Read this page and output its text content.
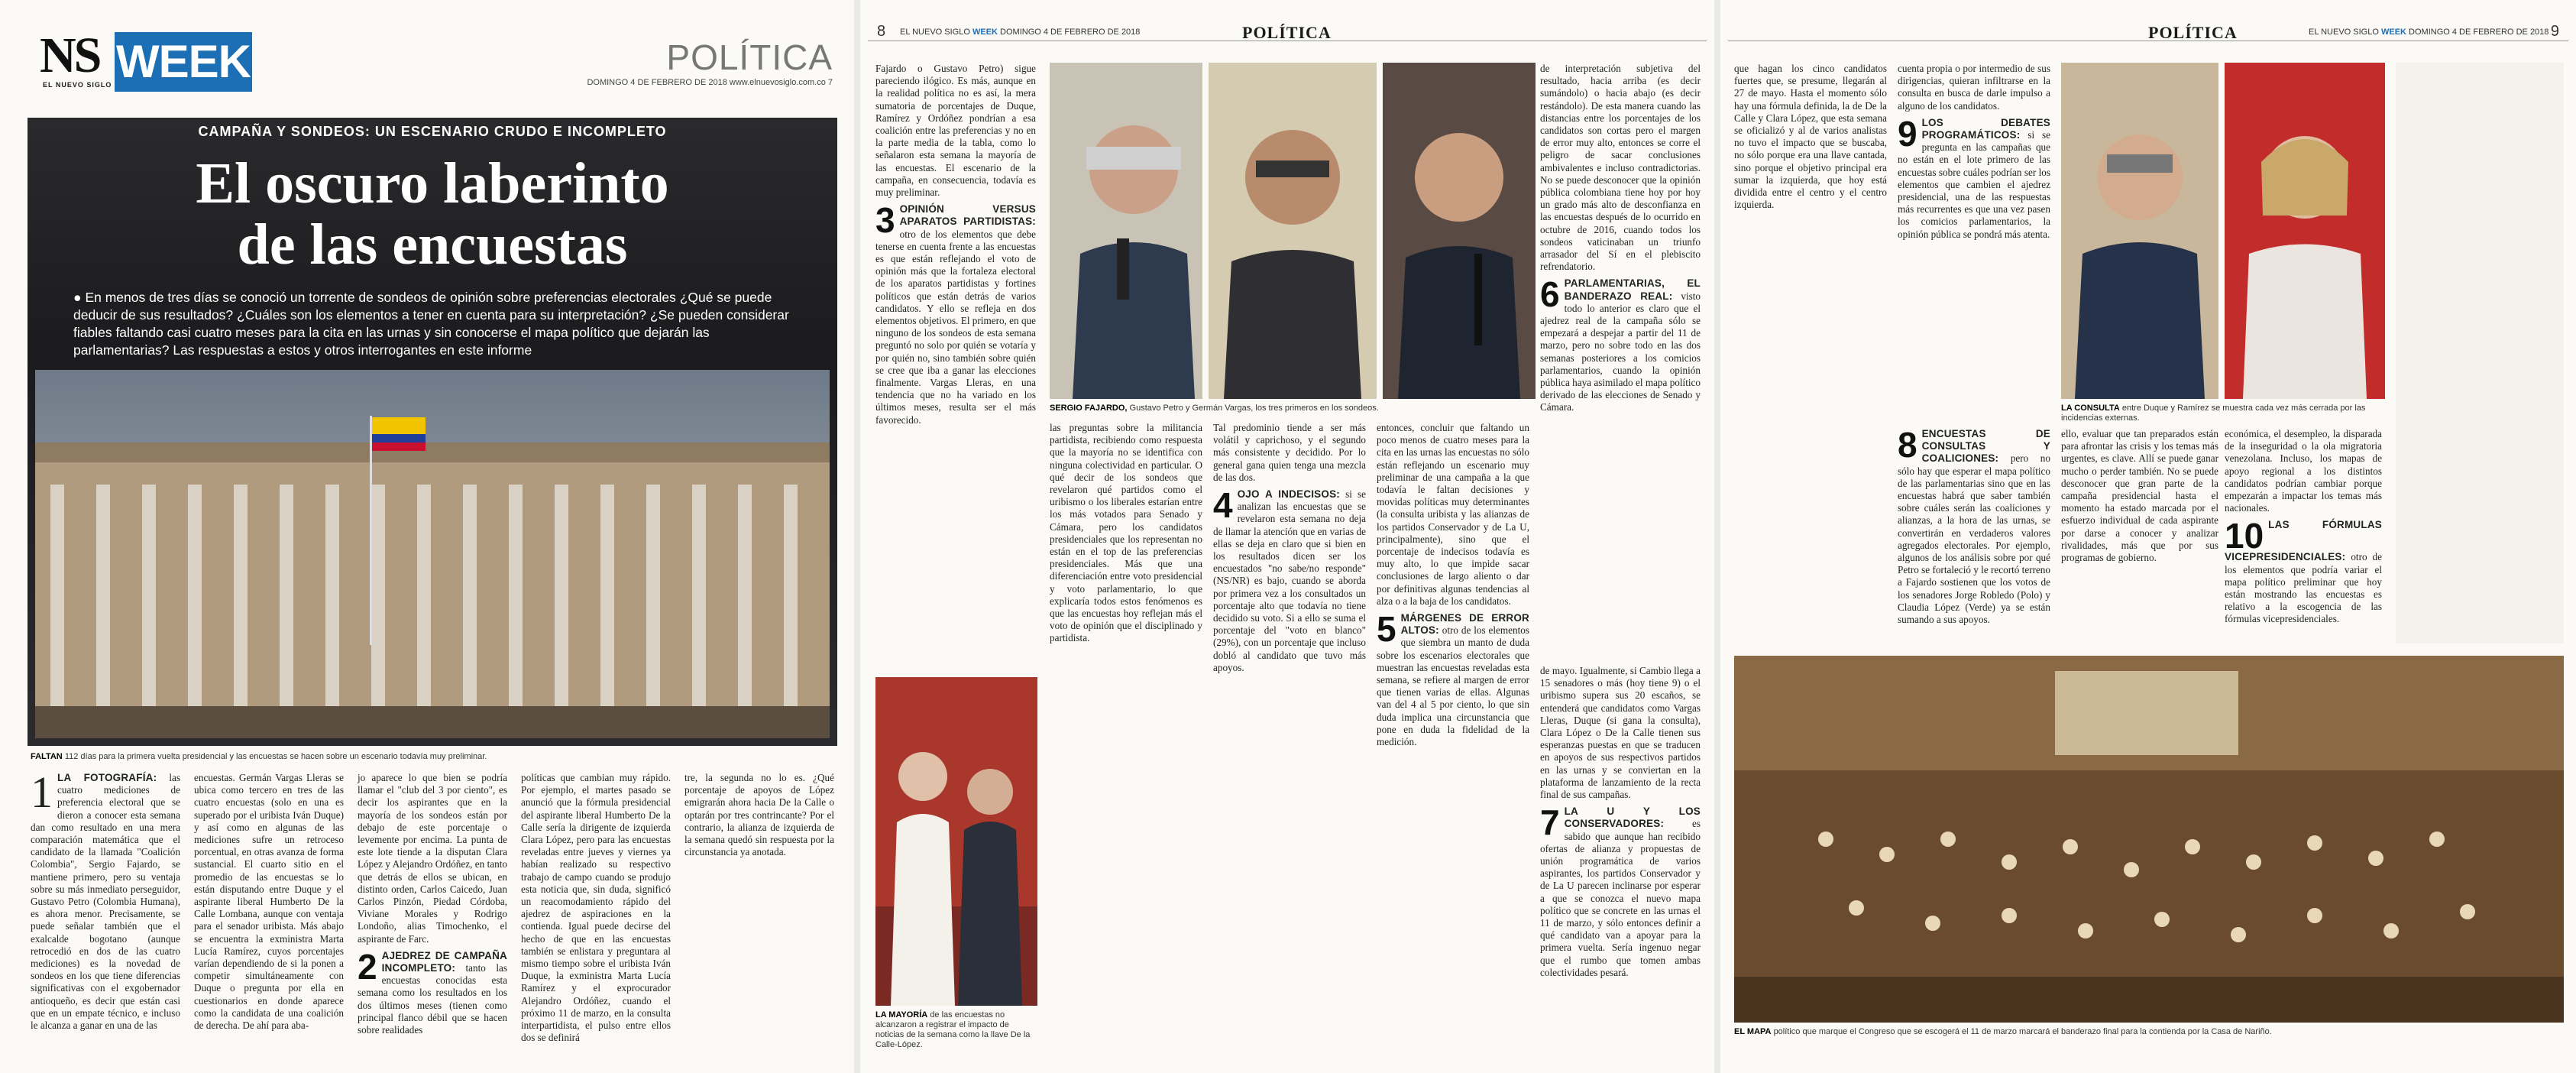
NS
EL NUEVO SIGLO WEEK	POLÍTICA
DOMINGO 4 DE FEBRERO DE 2018 www.elnuevosiglo.com.co 7
CAMPAÑA Y SONDEOS: UN ESCENARIO CRUDO E INCOMPLETO
El oscuro laberinto
de las encuestas
● En menos de tres días se conoció un torrente de sondeos de opinión sobre preferencias electorales ¿Qué se puede deducir de sus resultados? ¿Cuáles son los elementos a tener en cuenta para su interpretación? ¿Se pueden considerar fiables faltando casi cuatro meses para la cita en las urnas y sin conocerse el mapa político que dejarán las parlamentarias? Las respuestas a estos y otros interrogantes en este informe
FALTAN 112 días para la primera vuelta presidencial y las encuestas se hacen sobre un escenario todavía muy preliminar.
1 LA FOTOGRAFÍA: las cuatro mediciones de preferencia electoral que se dieron a conocer esta semana dan como resultado en una mera comparación matemática que el candidato de la llamada "Coalición Colombia", Sergio Fajardo, se mantiene primero, pero su ventaja sobre su más inmediato perseguidor, Gustavo Petro (Colombia Humana), es ahora menor. Precisamente, se puede señalar también que el exalcalde bogotano (aunque retrocedió en dos de las cuatro mediciones) es la novedad de sondeos en los que tiene diferencias significativas con el exgobernador antioqueño, es decir que están casi que en un empate técnico, e incluso le alcanza a ganar en una de las
encuestas. Germán Vargas Lleras se ubica como tercero en tres de las cuatro encuestas (solo en una es superado por el uribista Iván Duque) y así como en algunas de las mediciones sufre un retroceso porcentual, en otras avanza de forma sustancial. El cuarto sitio en el promedio de las encuestas se lo están disputando entre Duque y el aspirante liberal Humberto De la Calle Lombana, aunque con ventaja para el senador uribista. Más abajo se encuentra la exministra Marta Lucía Ramírez, cuyos porcentajes varían dependiendo de si la ponen a competir simultáneamente con Duque o pregunta por ella en cuestionarios en donde aparece como la candidata de una coalición de derecha. De ahí para aba-

jo aparece lo que bien se podría llamar el "club del 3 por ciento", es decir los aspirantes que en la mayoría de los sondeos están por debajo de este porcentaje o levemente por encima. La punta de este lote tiende a la disputan Clara López y Alejandro Ordóñez, en tanto que detrás de ellos se ubican, en distinto orden, Carlos Caicedo, Juan Carlos Pinzón, Piedad Córdoba, Viviane Morales y Rodrigo Londoño, alias Timochenko, el aspirante de Farc.

2 AJEDREZ DE CAMPAÑA INCOMPLETO: tanto las encuestas conocidas esta semana como los resultados en los dos últimos meses (tienen como principal flanco débil que se hacen sobre realidades
políticas que cambian muy rápido. Por ejemplo, el martes pasado se anunció que la fórmula presidencial del aspirante liberal Humberto De la Calle sería la dirigente de izquierda Clara López, pero para las encuestas reveladas entre jueves y viernes ya habían realizado su respectivo trabajo de campo cuando se produjo esta noticia que, sin duda, significó un reacomodamiento rápido del ajedrez de aspiraciones en la contienda. Igual puede decirse del hecho de que en las encuestas también se enlistara y preguntara al mismo tiempo sobre el uribista Iván Duque, la exministra Marta Lucía Ramírez y el exprocurador Alejandro Ordóñez, cuando el próximo 11 de marzo, en la consulta interpartidista, el pulso entre ellos dos se definirá
tre, la segunda no lo es. ¿Qué porcentaje de apoyos de López emigrarán ahora hacia De la Calle o optarán por tres contrincante? Por el contrario, la alianza de izquierda de la semana quedó sin respuesta por la circunstancia ya anotada.
8 EL NUEVO SIGLO WEEK DOMINGO 4 DE FEBRERO DE 2018	POLÍTICA

Fajardo o Gustavo Petro) sigue pareciendo ilógico. Es más, aunque en la realidad política no es así, la mera sumatoria de porcentajes de Duque, Ramírez y Ordóñez pondrían a esa coalición entre las preferencias y no en la parte media de la tabla, como lo señalaron esta semana la mayoría de las encuestas. El escenario de la campaña, en consecuencia, todavía es muy preliminar.

3 OPINIÓN VERSUS APARATOS PARTIDISTAS: otro de los elementos que debe tenerse en cuenta frente a las encuestas es que están reflejando el voto de opinión más que la fortaleza electoral de los aparatos partidistas y fortines políticos que están detrás de varios candidatos. Y ello se refleja en dos elementos objetivos. El primero, en que ninguno de los sondeos de esta semana preguntó no solo por quién se votaría y por quién no, sino también sobre quién se cree que iba a ganar las elecciones finalmente. Vargas Lleras, en una tendencia que no ha variado en los últimos meses, resulta ser el más favorecido.
SERGIO FAJARDO, Gustavo Petro y Germán Vargas, los tres primeros en los sondeos.
las preguntas sobre la militancia partidista, recibiendo como respuesta que la mayoría no se identifica con ninguna colectividad en particular. O qué decir de los sondeos que revelaron qué partidos como el uribismo o los liberales estarían entre los más votados para Senado y Cámara, pero los candidatos presidenciales que los representan no están en el top de las preferencias presidenciales. Más que una diferenciación entre voto presidencial y voto parlamentario, lo que explicaría todos estos fenómenos es que las encuestas hoy reflejan más el voto de opinión que el disciplinado y partidista.

Tal predominio tiende a ser más volátil y caprichoso, y el segundo más consistente y decidido. Por lo general gana quien tenga una mezcla de las dos.

4 OJO A INDECISOS: si se analizan las encuestas que se revelaron esta semana no deja de llamar la atención que en varias de ellas se deja en claro que si bien en los resultados dicen ser los encuestados "no sabe/no responde" (NS/NR) es bajo, cuando se aborda por primera vez a los consultados un porcentaje alto que todavía no tiene decidido su voto. Si a ello se suma el porcentaje del "voto en blanco" (29%), con un porcentaje que incluso dobló al candidato que tuvo más apoyos.

entonces, concluir que faltando un poco menos de cuatro meses para la cita en las urnas las encuestas no sólo están reflejando un escenario muy preliminar de una campaña a la que todavía le faltan decisiones y movidas políticas muy determinantes (la consulta uribista y las alianzas de los partidos Conservador y de La U, principalmente), sino que el porcentaje de indecisos todavía es muy alto, lo que impide sacar conclusiones de largo aliento o dar por definitivas algunas tendencias al alza o a la baja de los candidatos.

5 MÁRGENES DE ERROR ALTOS: otro de los elementos que siembra un manto de duda sobre los escenarios electorales que muestran las encuestas reveladas esta semana, se refiere al margen de error que tienen varias de ellas. Algunas van del 4 al 5 por ciento, lo que sin duda implica una circunstancia que pone en duda la fidelidad de la medición.
LA MAYORÍA de las encuestas no alcanzaron a registrar el impacto de noticias de la semana como la llave De la Calle-López.

de interpretación subjetiva del resultado, hacia arriba (es decir sumándolo) o hacia abajo (es decir restándolo). De esta manera cuando las distancias entre los porcentajes de los candidatos son cortas pero el margen de error muy alto, entonces se corre el peligro de sacar conclusiones ambivalentes e incluso contradictorias. No se puede desconocer que la opinión pública colombiana tiene hoy por hoy un grado más alto de desconfianza en las encuestas después de lo ocurrido en octubre de 2016, cuando todos los sondeos vaticinaban un triunfo arrasador del Sí en el plebiscito refrendatorio.

6 PARLAMENTARIAS, EL BANDERAZO REAL: visto todo lo anterior es claro que el ajedrez real de la campaña sólo se empezará a despejar a partir del 11 de marzo, pero no sobre todo en las dos semanas posteriores a los comicios parlamentarios, cuando la opinión pública haya asimilado el mapa político derivado de las elecciones de Senado y Cámara.

de mayo. Igualmente, si Cambio llega a 15 senadores o más (hoy tiene 9) o el uribismo supera sus 20 escaños, se entenderá que candidatos como Vargas Lleras, Duque (si gana la consulta), Clara López o De la Calle tienen sus esperanzas puestas en que se traducen en apoyos de sus respectivos partidos en las urnas y se conviertan en la plataforma de lanzamiento de la recta final de sus campañas.

7 LA U Y LOS CONSERVADORES:	es sabido que aunque han recibido ofertas de alianza y propuestas de unión programática de varios aspirantes, los partidos Conservador y de La U parecen inclinarse por esperar a que se conozca el nuevo mapa político que se concrete en las urnas el 11 de marzo, y sólo entonces definir a qué candidato van a apoyar para la primera vuelta. Sería ingenuo negar que el rumbo que tomen ambas colectividades pesará.
POLÍTICA	EL NUEVO SIGLO WEEK DOMINGO 4 DE FEBRERO DE 2018 9
que hagan los cinco candidatos fuertes que, se presume, llegarán al 27 de mayo. Hasta el momento sólo hay una fórmula definida, la de De la Calle y Clara López, que esta semana se oficializó y al de varios analistas no tuvo el impacto que se buscaba, no sólo porque era una llave cantada, sino porque el objetivo principal era sumar la izquierda, que hoy está dividida entre el centro y el centro izquierda.

cuenta propia o por intermedio de sus dirigencias, quieran infiltrarse en la consulta en busca de darle impulso a alguno de los candidatos.

9 LOS DEBATES PROGRAMÁTICOS: si se pregunta en las campañas que no están en el lote primero de las encuestas sobre cuáles podrían ser los elementos que cambien el ajedrez presidencial, una de las respuestas más recurrentes es que una vez pasen los comicios parlamentarios, la opinión pública se pondrá más atenta.
LA CONSULTA entre Duque y Ramírez se muestra cada vez más cerrada por las incidencias externas.
8 ENCUESTAS DE CONSULTAS Y COALICIONES: pero no sólo hay que esperar el mapa político de las parlamentarias sino que en las encuestas habrá que saber también sobre cuáles serán las coaliciones y alianzas, a la hora de las urnas, se convertirán en verdaderos valores agregados electorales. Por ejemplo, algunos de los análisis sobre por qué Petro se fortaleció y le recortó terreno a Fajardo sostienen que los votos de los senadores Jorge Robledo (Polo) y Claudia López (Verde) ya se están sumando a sus apoyos.
ello, evaluar que tan preparados están para afrontar las crisis y los temas más urgentes, es clave. Allí se puede ganar mucho o perder también. No se puede desconocer que gran parte de la campaña presidencial hasta el momento ha estado marcada por el esfuerzo individual de cada aspirante por darse a conocer y analizar rivalidades, más que por sus programas de gobierno.

económica, el desempleo, la disparada de la inseguridad o la ola migratoria venezolana. Incluso, los mapas de apoyo regional a los distintos candidatos podrían cambiar porque empezarán a impactar los temas más nacionales.

10 LAS FÓRMULAS VICEPRESIDENCIALES: otro de los elementos que podría variar el mapa político preliminar que hoy están mostrando las encuestas es relativo a la escogencia de las fórmulas vicepresidenciales.
EL MAPA político que marque el Congreso que se escogerá el 11 de marzo marcará el banderazo final para la contienda por la Casa de Nariño.
